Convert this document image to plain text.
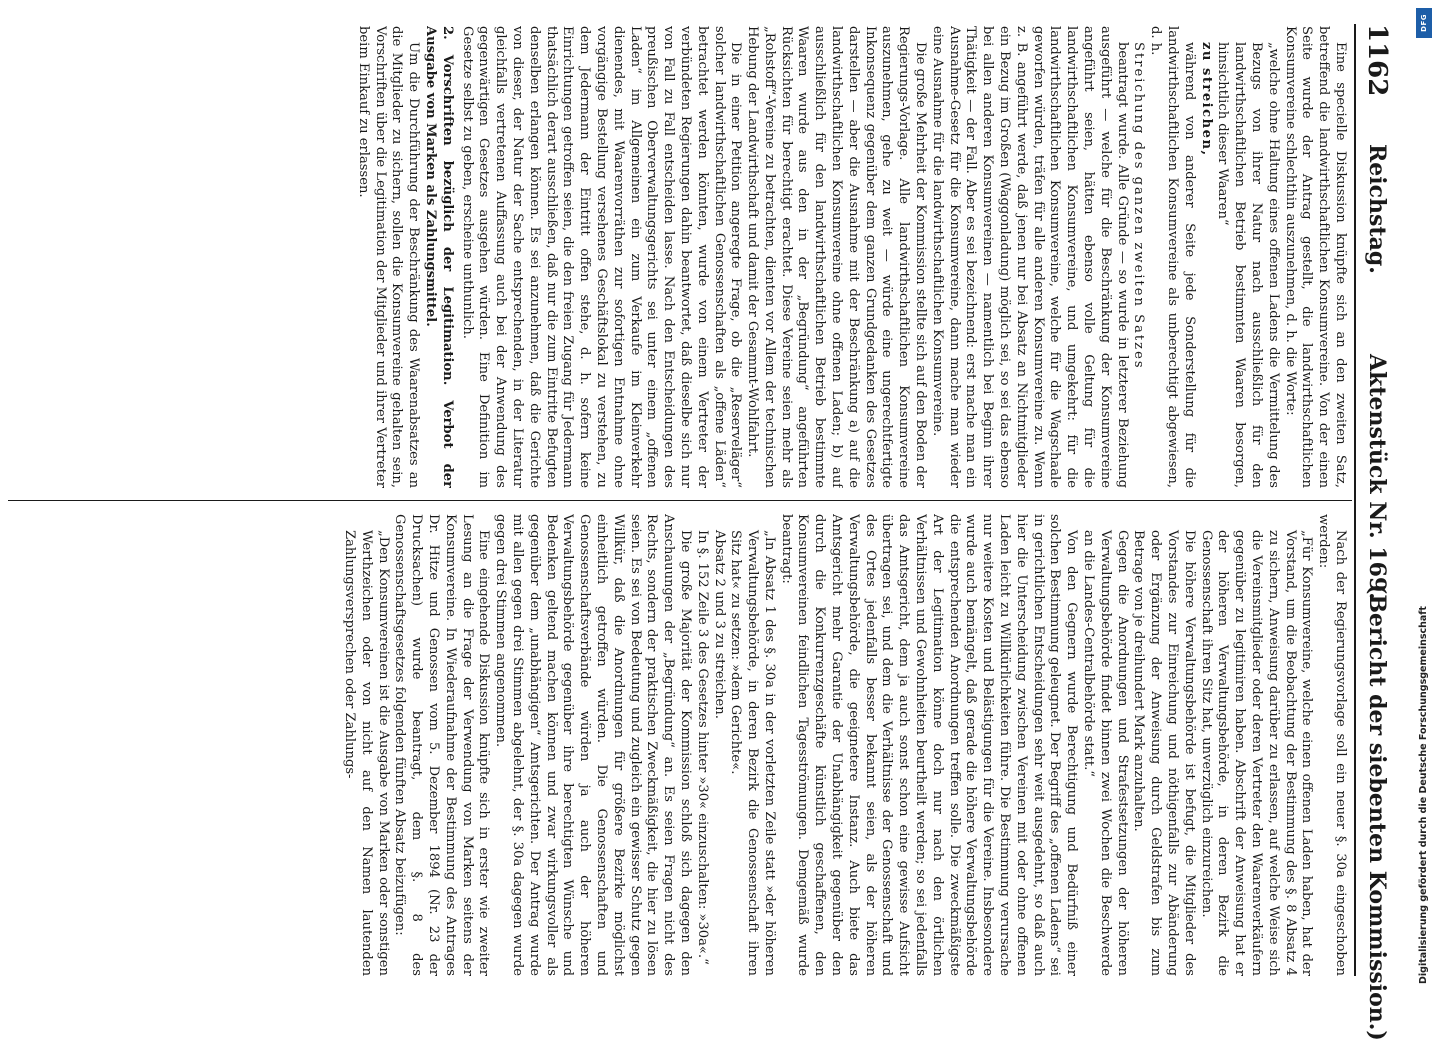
1162
Reichstag.
Aktenstück Nr. 169.
(Bericht der siebenten Kommission.)

Eine specielle Diskussion knüpfte sich an den zweiten Satz, betreffend die landwirthschaftlichen Konsumvereine. Von der einen Seite wurde der Antrag gestellt, die landwirthschaftlichen Konsumvereine schlechthin auszunehmen, d. h. die Worte:

„welche ohne Haltung eines offenen Ladens die Vermittelung des Bezugs von ihrer Natur nach ausschließlich für den landwirthschaftlichen Betrieb bestimmten Waaren besorgen, hinsichtlich dieser Waaren“

zu streichen,

während von anderer Seite jede Sonderstellung für die landwirthschaftlichen Konsumvereine als unberechtigt abgewiesen, d. h.

Streichung des ganzen zweiten Satzes

beantragt wurde. Alle Gründe — so wurde in letzterer Beziehung ausgeführt — welche für die Beschränkung der Konsumvereine angeführt seien, hätten ebenso volle Geltung für die landwirthschaftlichen Konsumvereine, und umgekehrt: für die landwirthschaftlichen Konsumvereine, welche für die Wagschaale geworfen würden, träfen für alle anderen Konsumvereine zu. Wenn z. B. angeführt werde, daß jenen nur bei Absatz an Nichtmitglieder ein Bezug im Großen (Waggonladung) möglich sei, so sei das ebenso bei allen anderen Konsumvereinen — namentlich bei Beginn ihrer Thätigkeit — der Fall. Aber es sei bezeichnend: erst mache man ein Ausnahme-Gesetz für die Konsumvereine, dann mache man wieder eine Ausnahme für die landwirthschaftlichen Konsumvereine.

Die große Mehrheit der Kommission stellte sich auf den Boden der Regierungs-Vorlage. Alle landwirthschaftlichen Konsumvereine auszunehmen, gehe zu weit — würde eine ungerechtfertigte Inkonsequenz gegenüber dem ganzen Grundgedanken des Gesetzes darstellen — aber die Ausnahme mit der Beschränkung a) auf die landwirthschaftlichen Konsumvereine ohne offenen Laden; b) auf ausschließlich für den landwirthschaftlichen Betrieb bestimmte Waaren wurde aus den in der „Begründung“ angeführten Rücksichten für berechtigt erachtet. Diese Vereine seien mehr als „Rohstoff“-Vereine zu betrachten, dienten vor Allem der technischen Hebung der Landwirthschaft und damit der Gesammt-Wohlfahrt.

Die in einer Petition angeregte Frage, ob die „Reserveläger“ solcher landwirthschaftlichen Genossenschaften als „offene Läden“ betrachtet werden könnten, wurde von einem Vertreter der verbündeten Regierungen dahin beantwortet, daß dieselbe sich nur von Fall zu Fall entscheiden lasse. Nach den Entscheidungen des preußischen Oberverwaltungsgerichts sei unter einem „offenen Laden“ im Allgemeinen ein zum Verkaufe im Kleinverkehr dienendes, mit Waarenvorräthen zur sofortigen Entnahme ohne vorgängige Bestellung versehenes Geschäftslokal zu verstehen, zu dem Jedermann der Eintritt offen stehe, d. h. sofern keine Einrichtungen getroffen seien, die den freien Zugang für Jedermann thatsächlich derart ausschließen, daß nur die zum Eintritte Befugten denselben erlangen können. Es sei anzunehmen, daß die Gerichte von dieser, der Natur der Sache entsprechenden, in der Literatur gleichfalls vertretenen Auffassung auch bei der Anwendung des gegenwärtigen Gesetzes ausgehen würden. Eine Definition im Gesetze selbst zu geben, erscheine unthunlich.

2. Vorschriften bezüglich der Legitimation. Verbot der Ausgabe von Marken als Zahlungsmittel.

Um die Durchführung der Beschränkung des Waarenabsatzes an die Mitglieder zu sichern, sollen die Konsumvereine gehalten sein, Vorschriften über die Legitimation der Mitglieder und ihrer Vertreter beim Einkauf zu erlassen.

Nach der Regierungsvorlage soll ein neuer §. 30a eingeschoben werden:

„Für Konsumvereine, welche einen offenen Laden haben, hat der Vorstand, um die Beobachtung der Bestimmung des §. 8 Absatz 4 zu sichern, Anweisung darüber zu erlassen, auf welche Weise sich die Vereinsmitglieder oder deren Vertreter den Waarenverkäufern gegenüber zu legitimiren haben. Abschrift der Anweisung hat er der höheren Verwaltungsbehörde, in deren Bezirk die Genossenschaft ihren Sitz hat, unverzüglich einzureichen.

Die höhere Verwaltungsbehörde ist befugt, die Mitglieder des Vorstandes zur Einreichung und nöthigenfalls zur Abänderung oder Ergänzung der Anweisung durch Geldstrafen bis zum Betrage von je dreihundert Mark anzuhalten.

Gegen die Anordnungen und Strafestsetzungen der höheren Verwaltungsbehörde findet binnen zwei Wochen die Beschwerde an die Landes-Centralbehörde statt.“

Von den Gegnern wurde Berechtigung und Bedürfniß einer solchen Bestimmung geleugnet. Der Begriff des „offenen Ladens“ sei in gerichtlichen Entscheidungen sehr weit ausgedehnt, so daß auch hier die Unterscheidung zwischen Vereinen mit oder ohne offenen Laden leicht zu Willkürlichkeiten führe. Die Bestimmung verursache nur weitere Kosten und Belästigungen für die Vereine. Insbesondere wurde auch bemängelt, daß gerade die höhere Verwaltungsbehörde die entsprechenden Anordnungen treffen solle. Die zweckmäßigste Art der Legitimation könne doch nur nach den örtlichen Verhältnissen und Gewohnheiten beurtheilt werden; so sei jedenfalls das Amtsgericht, dem ja auch sonst schon eine gewisse Aufsicht übertragen sei, und dem die Verhältnisse der Genossenschaft und des Ortes jedenfalls besser bekannt seien, als der höheren Verwaltungsbehörde, die geeignetere Instanz. Auch biete das Amtsgericht mehr Garantie der Unabhängigkeit gegenüber den durch die Konkurrenzgeschäfte künstlich geschaffenen, den Konsumvereinen feindlichen Tagesströmungen. Demgemäß wurde beantragt:

„In Absatz 1 des §. 30a in der vorletzten Zeile statt »der höheren Verwaltungsbehörde, in deren Bezirk die Genossenschaft ihren Sitz hat« zu setzen: »dem Gerichte«.

Absatz 2 und 3 zu streichen.

In §. 152 Zeile 3 des Gesetzes hinter »30« einzuschalten: »30a«.“

Die große Majorität der Kommission schloß sich dagegen den Anschauungen der „Begründung“ an. Es seien Fragen nicht des Rechts, sondern der praktischen Zweckmäßigkeit, die hier zu lösen seien. Es sei von Bedeutung und zugleich ein gewisser Schutz gegen Willkür, daß die Anordnungen für größere Bezirke möglichst einheitlich getroffen würden. Die Genossenschaften und Genossenschaftsverbände würden ja auch der höheren Verwaltungsbehörde gegenüber ihre berechtigten Wünsche und Bedenken geltend machen können und zwar wirkungsvoller als gegenüber dem „unabhängigen“ Amtsgerichten. Der Antrag wurde mit allen gegen drei Stimmen abgelehnt, der §. 30a dagegen wurde gegen drei Stimmen angenommen.

Eine eingehende Diskussion knüpfte sich in erster wie zweiter Lesung an die Frage der Verwendung von Marken seitens der Konsumvereine. In Wiederaufnahme der Bestimmung des Antrages Dr. Hitze und Genossen vom 5. Dezember 1894 (Nr. 23 der Drucksachen) wurde beantragt, dem §. 8 des Genossenschaftsgesetzes folgenden fünften Absatz beizufügen:

„Den Konsumvereinen ist die Ausgabe von Marken oder sonstigen Werthzeichen oder von nicht auf den Namen lautenden Zahlungsversprechen oder Zahlungs-

DFG
Digitalisierung gefördert durch die Deutsche Forschungsgemeinschaft
